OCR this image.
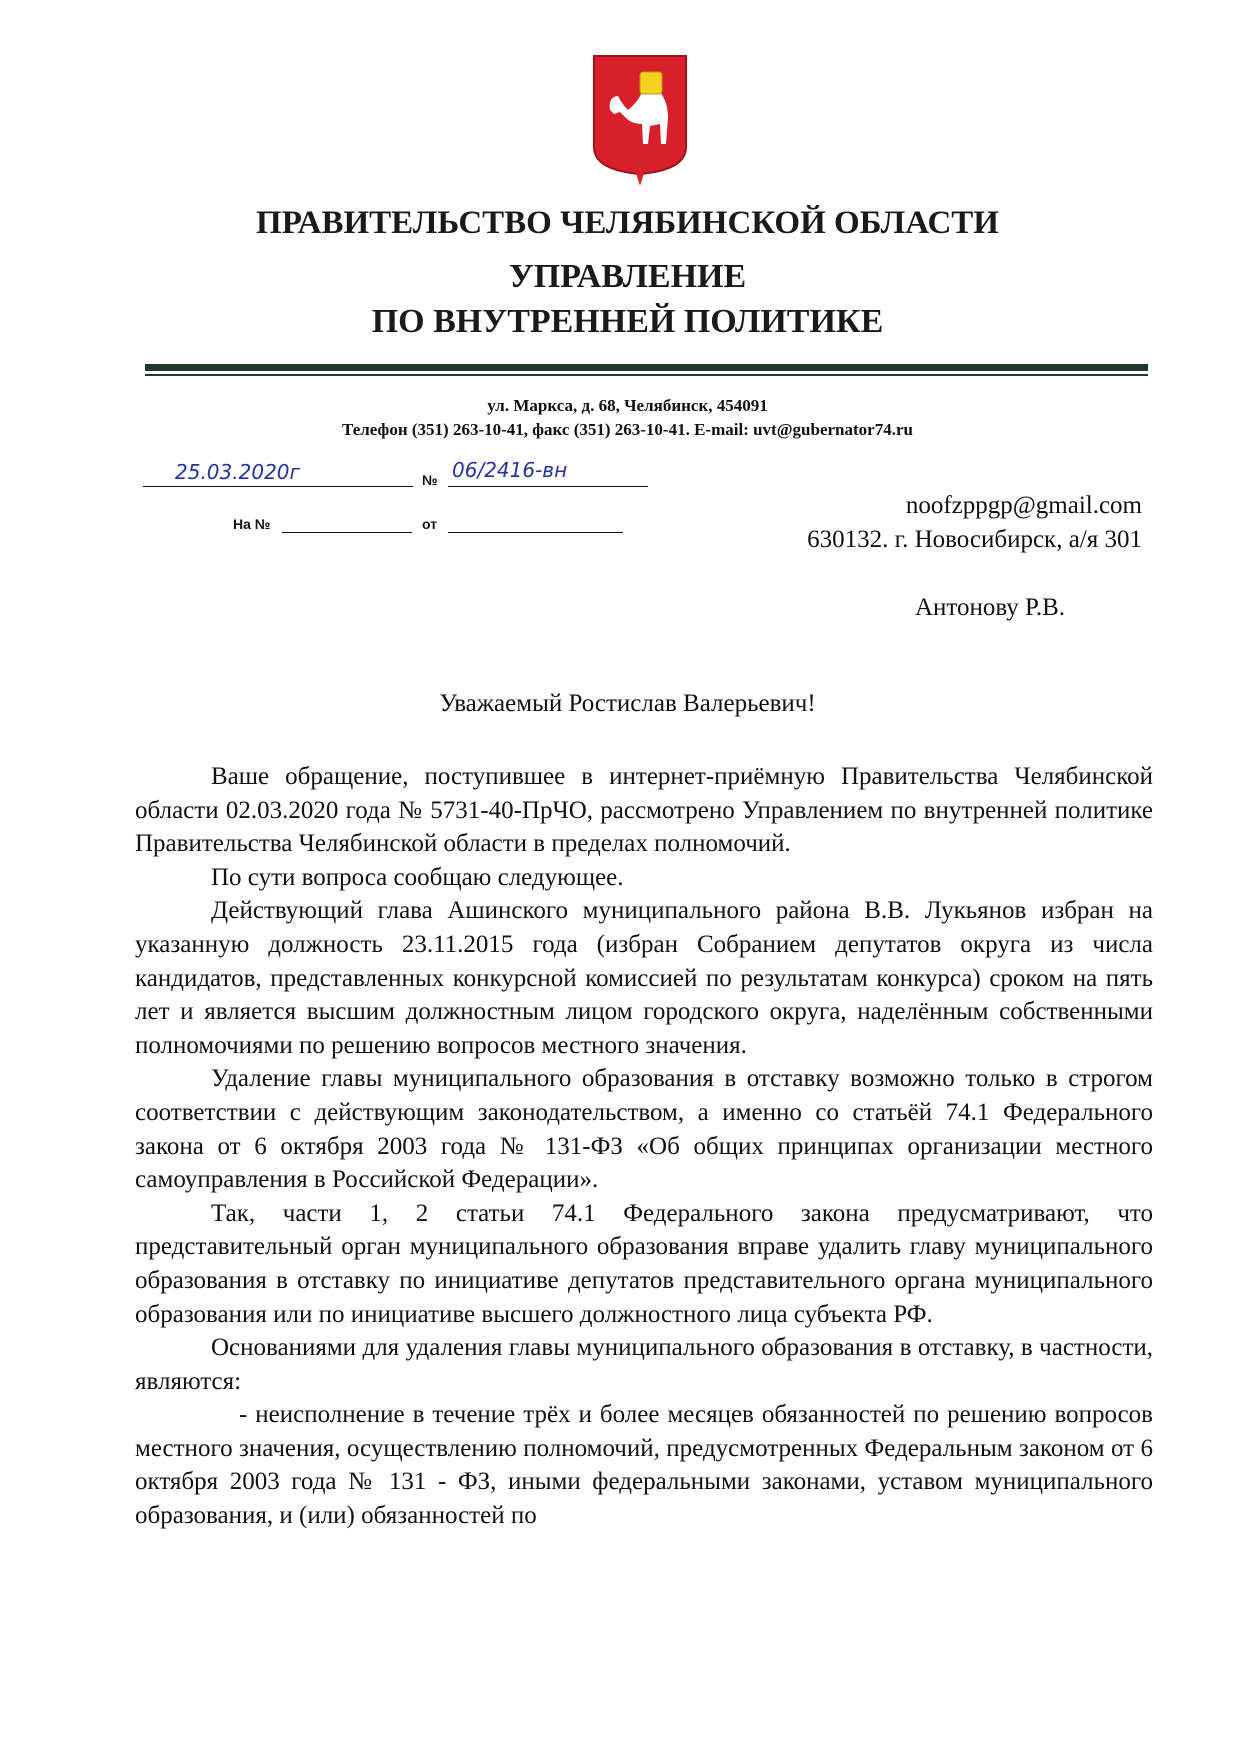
ПРАВИТЕЛЬСТВО ЧЕЛЯБИНСКОЙ ОБЛАСТИ
УПРАВЛЕНИЕ
ПО ВНУТРЕННЕЙ ПОЛИТИКЕ
ул. Маркса, д. 68, Челябинск, 454091
Телефон (351) 263-10-41, факс (351) 263-10-41. E-mail: uvt@gubernator74.ru
25.03.2020г	№ 06/2416-вн
На №	от
noofzppgp@gmail.com
630132. г. Новосибирск, а/я 301
Антонову Р.В.
Уважаемый Ростислав Валерьевич!

Ваше обращение, поступившее в интернет-приёмную Правительства Челябинской области 02.03.2020 года № 5731-40-ПрЧО, рассмотрено Управлением по внутренней политике Правительства Челябинской области в пределах полномочий.

По сути вопроса сообщаю следующее.

Действующий глава Ашинского муниципального района В.В. Лукьянов избран на указанную должность 23.11.2015 года (избран Собранием депутатов округа из числа кандидатов, представленных конкурсной комиссией по результатам конкурса) сроком на пять лет и является высшим должностным лицом городского округа, наделённым собственными полномочиями по решению вопросов местного значения.

Удаление главы муниципального образования в отставку возможно только в строгом соответствии с действующим законодательством, а именно со статьёй 74.1 Федерального закона от 6 октября 2003 года № 131-ФЗ «Об общих принципах организации местного самоуправления в Российской Федерации».

Так, части 1, 2 статьи 74.1 Федерального закона предусматривают, что представительный орган муниципального образования вправе удалить главу муниципального образования в отставку по инициативе депутатов представительного органа муниципального образования или по инициативе высшего должностного лица субъекта РФ.

Основаниями для удаления главы муниципального образования в отставку, в частности, являются:

- неисполнение в течение трёх и более месяцев обязанностей по решению вопросов местного значения, осуществлению полномочий, предусмотренных Федеральным законом от 6 октября 2003 года № 131 - ФЗ, иными федеральными законами, уставом муниципального образования, и (или) обязанностей по
